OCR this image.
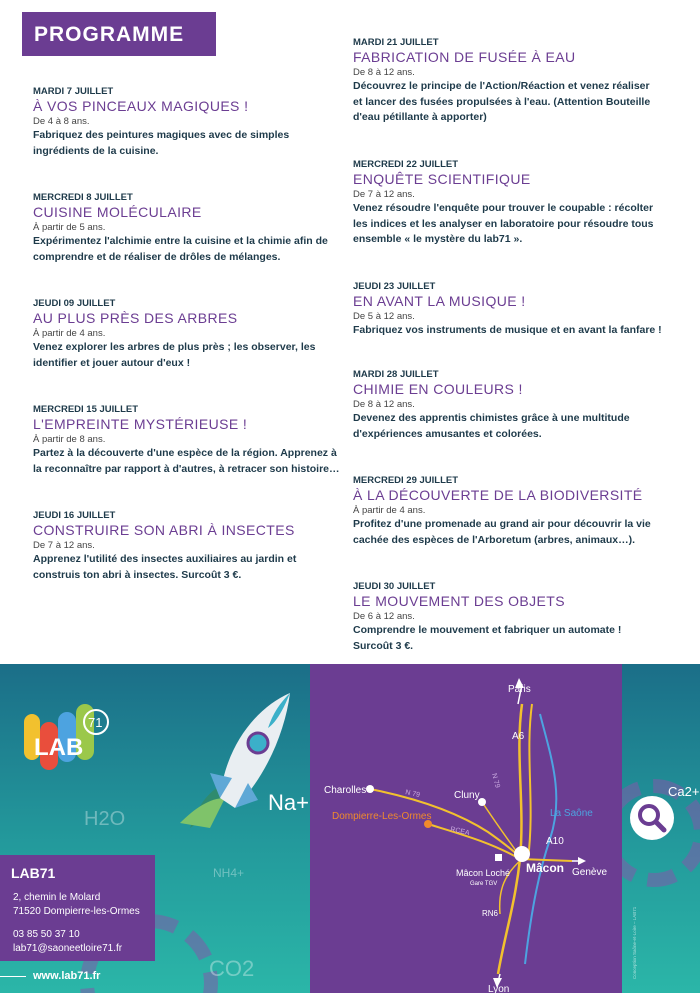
PROGRAMME
MARDI 7 JUILLET
À VOS PINCEAUX MAGIQUES !
De 4 à 8 ans.
Fabriquez des peintures magiques avec de simples
ingrédients de la cuisine.
MERCREDI 8 JUILLET
CUISINE MOLÉCULAIRE
À partir de 5 ans.
Expérimentez l'alchimie entre la cuisine et la chimie afin de
comprendre et de réaliser de drôles de mélanges.
JEUDI 09 JUILLET
AU PLUS PRÈS DES ARBRES
À partir de 4 ans.
Venez explorer les arbres de plus près ; les observer, les
identifier et jouer autour d'eux !
MERCREDI 15 JUILLET
L'EMPREINTE MYSTÉRIEUSE !
À partir de 8 ans.
Partez à la découverte d'une espèce de la région. Apprenez à
la reconnaître par rapport à d'autres, à retracer son histoire…
JEUDI 16 JUILLET
CONSTRUIRE SON ABRI À INSECTES
De 7 à 12 ans.
Apprenez l'utilité des insectes auxiliaires au jardin et
construis ton abri à insectes. Surcoût 3 €.
MARDI 21 JUILLET
FABRICATION DE FUSÉE À EAU
De 8 à 12 ans.
Découvrez le principe de l'Action/Réaction et venez réaliser
et lancer des fusées propulsées à l'eau. (Attention Bouteille
d'eau pétillante à apporter)
MERCREDI 22 JUILLET
ENQUÊTE SCIENTIFIQUE
De 7 à 12 ans.
Venez résoudre l'enquête pour trouver le coupable : récolter
les indices et les analyser en laboratoire pour résoudre tous
ensemble « le mystère du lab71 ».
JEUDI 23 JUILLET
EN AVANT LA MUSIQUE !
De 5 à 12 ans.
Fabriquez vos instruments de musique et en avant la fanfare !
MARDI 28 JUILLET
CHIMIE EN COULEURS !
De 8 à 12 ans.
Devenez des apprentis chimistes grâce à une multitude
d'expériences amusantes et colorées.
MERCREDI 29 JUILLET
À LA DÉCOUVERTE DE LA BIODIVERSITÉ
À partir de 4 ans.
Profitez d'une promenade au grand air pour découvrir la vie
cachée des espèces de l'Arboretum (arbres, animaux…).
JEUDI 30 JUILLET
LE MOUVEMENT DES OBJETS
De 6 à 12 ans.
Comprendre le mouvement et fabriquer un automate !
Surcoût 3 €.
H2O
NH4+
CO2
Na+	Ca2+
LAB
71
LAB71
2, chemin le Molard
71520 Dompierre-les-Ormes
03 85 50 37 10
lab71@saoneetloire71.fr
www.lab71.fr
Paris
A6
Charolles	N 79
N 79
Cluny
La Saône
Dompierre-Les-Ormes
RCEA
A10
Mâcon Genève
Mâcon Loché
Gare TGV
RN6
Lyon
Conception Saône-et-Loire – LAB71
